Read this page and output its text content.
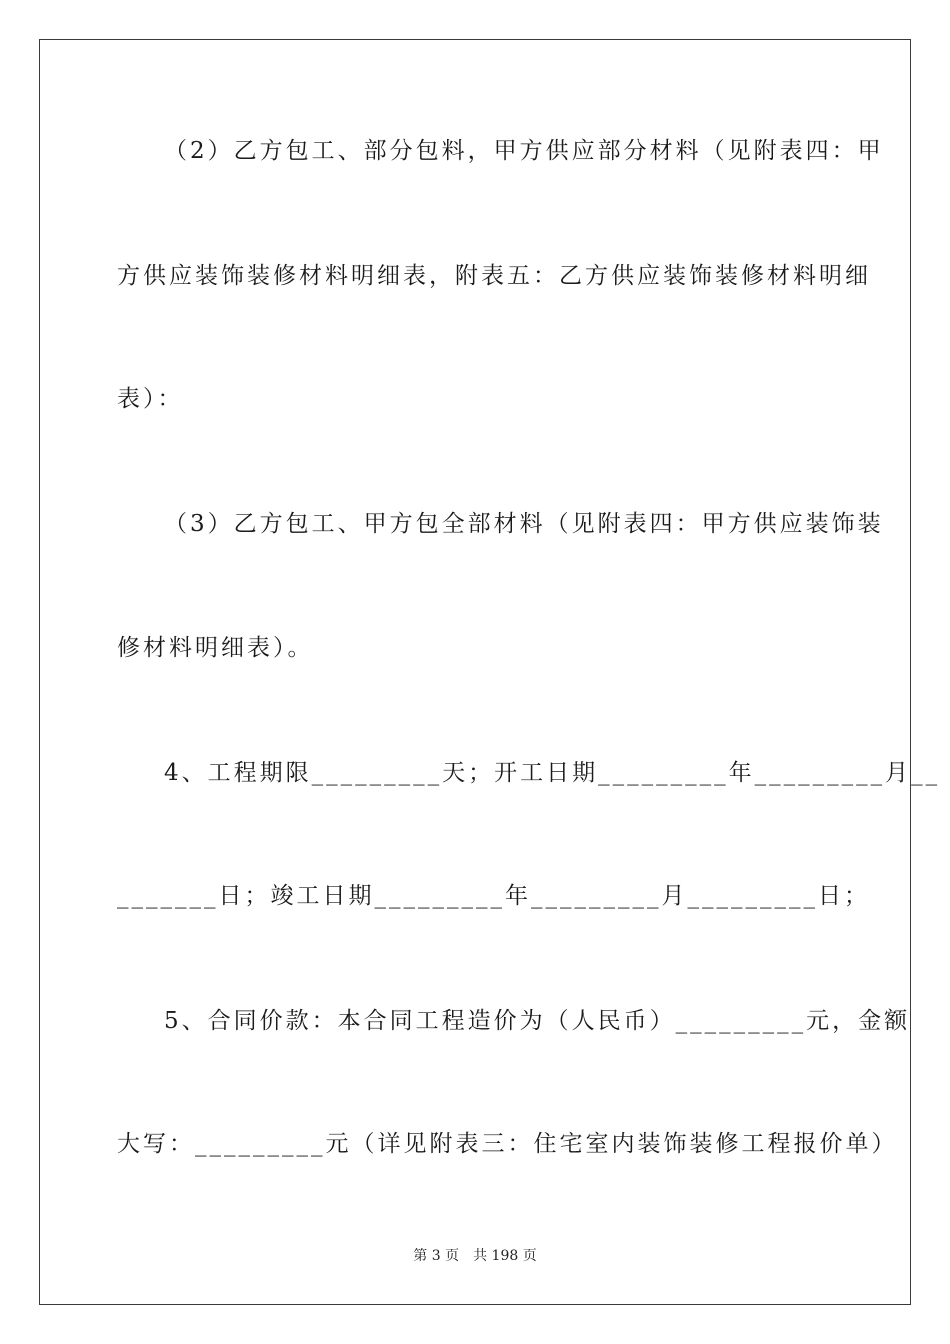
（2）乙方包工、部分包料，甲方供应部分材料（见附表四：甲
方供应装饰装修材料明细表，附表五：乙方供应装饰装修材料明细
表）：
（3）乙方包工、甲方包全部材料（见附表四：甲方供应装饰装
修材料明细表）。
4、工程期限_________天；开工日期_________年_________月__
_______日；竣工日期_________年_________月_________日；
5、合同价款：本合同工程造价为（人民币）_________元，金额
大写：_________元（详见附表三：住宅室内装饰装修工程报价单）
第 3 页　共 198 页
